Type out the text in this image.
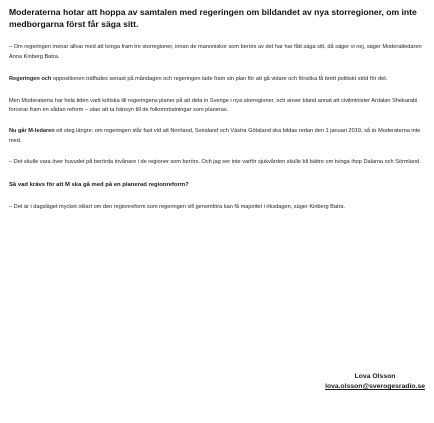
Moderaterna hotar att hoppa av samtalen med regeringen om bildandet av nya storregioner, om inte medborgarna först får säga sitt.

– Om regeringen menar allvar med att tvinga fram tre storregioner, innan de mannniskor som berörs av det har har fått säga sitt, då säger vi nej, säger Moderatledaren Anna Kinberg Batra.

Regeringen och oppositionen träffades senast på måndagen och regeringen lade fram sin plan för att gå vidare och försöka få brett politiskt stöd för det.

Men Moderaterna har hela tiden varit kritiska till regeringens planer på att dela in Sverige i nya storregioner, och anser bland annat att civilminister Ardalan Shekarabi forcerar fram en sådan reform – utan att ta hänsyn till de folkomröstningar som planeras.

Nu går M-ledaren ett steg längre: om regeringen står fast vid att Norrland, Svealand och Västra Götaland ska bildas redan den 1 januari 2019, så är Moderaterna inte med.

– Det skulle vara över huvudet på berörda invånare i de regioner som berörs. Och jag ser inte varför sjukvården skulle bli bättre om tvinga ihop Dalarna och Sörmland.

Så vad krävs för att M ska gå med på en planerad regionreform?

– Det är i dagsläget mycket oklart om den regionreform som regeringen vill genomföra kan få majoritet i riksdagen, säger Kinberg Batra.

Lova Olsson
lova.olsson@sverogesradio.se
